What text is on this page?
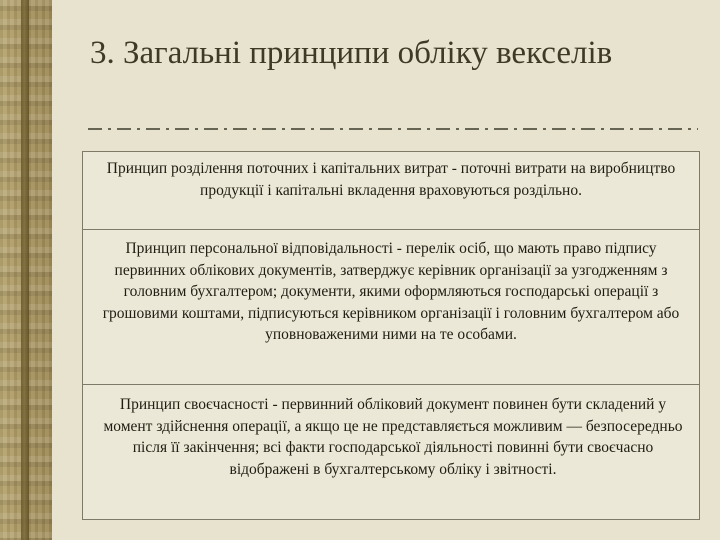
3. Загальні принципи обліку векселів
Принцип розділення поточних і капітальних витрат - поточні витрати на виробництво продукції і капітальні вкладення враховуються роздільно.
Принцип персональної відповідальності - перелік осіб, що мають право підпису первинних облікових документів, затверджує керівник організації за узгодженням з головним бухгалтером; документи, якими оформляються господарські операції з грошовими коштами, підписуються керівником організації і головним бухгалтером або уповноваженими ними на те особами.
Принцип своєчасності - первинний обліковий документ повинен бути складений у момент здійснення операції, а якщо це не представляється можливим — безпосередньо після її закінчення; всі факти господарської діяльності повинні бути своєчасно відображені в бухгалтерському обліку і звітності.
